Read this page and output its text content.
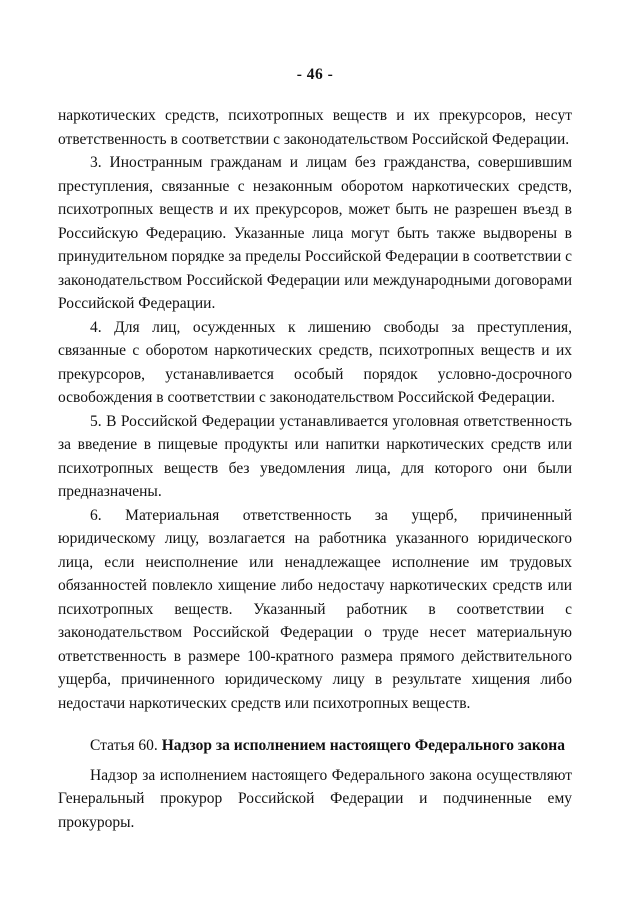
- 46 -

наркотических средств, психотропных веществ и их прекурсоров, несут ответственность в соответствии с законодательством Российской Федерации.

3. Иностранным гражданам и лицам без гражданства, совершившим преступления, связанные с незаконным оборотом наркотических средств, психотропных веществ и их прекурсоров, может быть не разрешен въезд в Российскую Федерацию. Указанные лица могут быть также выдворены в принудительном порядке за пределы Российской Федерации в соответствии с законодательством Российской Федерации или международными договорами Российской Федерации.

4. Для лиц, осужденных к лишению свободы за преступления, связанные с оборотом наркотических средств, психотропных веществ и их прекурсоров, устанавливается особый порядок условно-досрочного освобождения в соответствии с законодательством Российской Федерации.

5. В Российской Федерации устанавливается уголовная ответственность за введение в пищевые продукты или напитки наркотических средств или психотропных веществ без уведомления лица, для которого они были предназначены.

6. Материальная ответственность за ущерб, причиненный юридическому лицу, возлагается на работника указанного юридического лица, если неисполнение или ненадлежащее исполнение им трудовых обязанностей повлекло хищение либо недостачу наркотических средств или психотропных веществ. Указанный работник в соответствии с законодательством Российской Федерации о труде несет материальную ответственность в размере 100-кратного размера прямого действительного ущерба, причиненного юридическому лицу в результате хищения либо недостачи наркотических средств или психотропных веществ.

Статья 60. Надзор за исполнением настоящего Федерального закона

Надзор за исполнением настоящего Федерального закона осуществляют Генеральный прокурор Российской Федерации и подчиненные ему прокуроры.
